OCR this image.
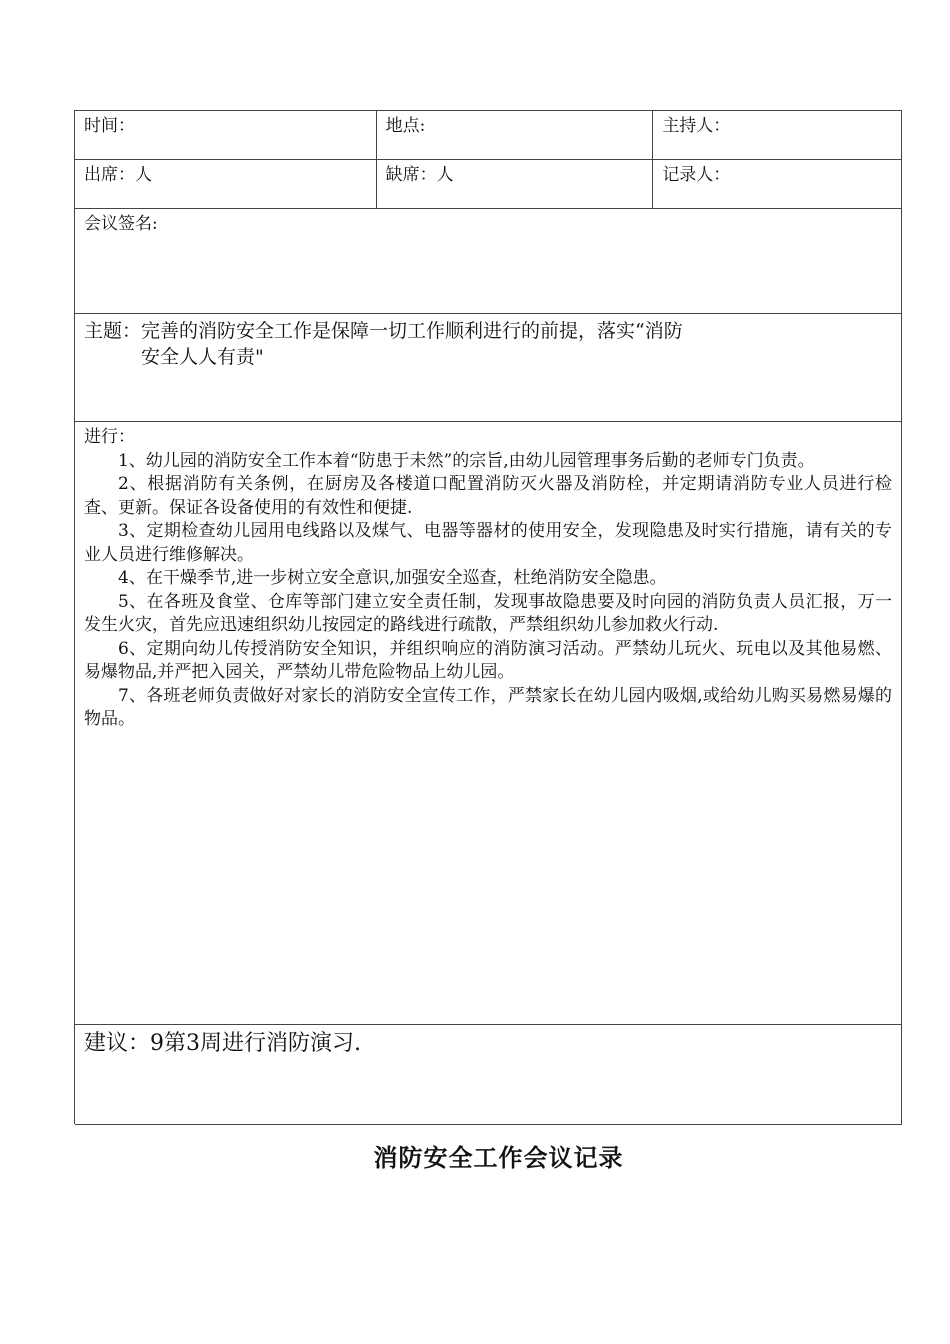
时间：	地点:	主持人：
出席：人	缺席：人	记录人：
会议签名:
主题：完善的消防安全工作是保障一切工作顺利进行的前提，落实“消防
安全人人有责"

进行：

1、幼儿园的消防安全工作本着“防患于未然”的宗旨,由幼儿园管理事务后勤的老师专门负责。

2、根据消防有关条例，在厨房及各楼道口配置消防灭火器及消防栓，并定期请消防专业人员进行检查、更新。保证各设备使用的有效性和便捷.

3、定期检查幼儿园用电线路以及煤气、电器等器材的使用安全，发现隐患及时实行措施，请有关的专业人员进行维修解决。

4、在干燥季节,进一步树立安全意识,加强安全巡查，杜绝消防安全隐患。

5、在各班及食堂、仓库等部门建立安全责任制，发现事故隐患要及时向园的消防负责人员汇报，万一发生火灾，首先应迅速组织幼儿按园定的路线进行疏散，严禁组织幼儿参加救火行动.

6、定期向幼儿传授消防安全知识，并组织响应的消防演习活动。严禁幼儿玩火、玩电以及其他易燃、易爆物品,并严把入园关，严禁幼儿带危险物品上幼儿园。

7、各班老师负责做好对家长的消防安全宣传工作，严禁家长在幼儿园内吸烟,或给幼儿购买易燃易爆的物品。

建议：9第3周进行消防演习.
消防安全工作会议记录
